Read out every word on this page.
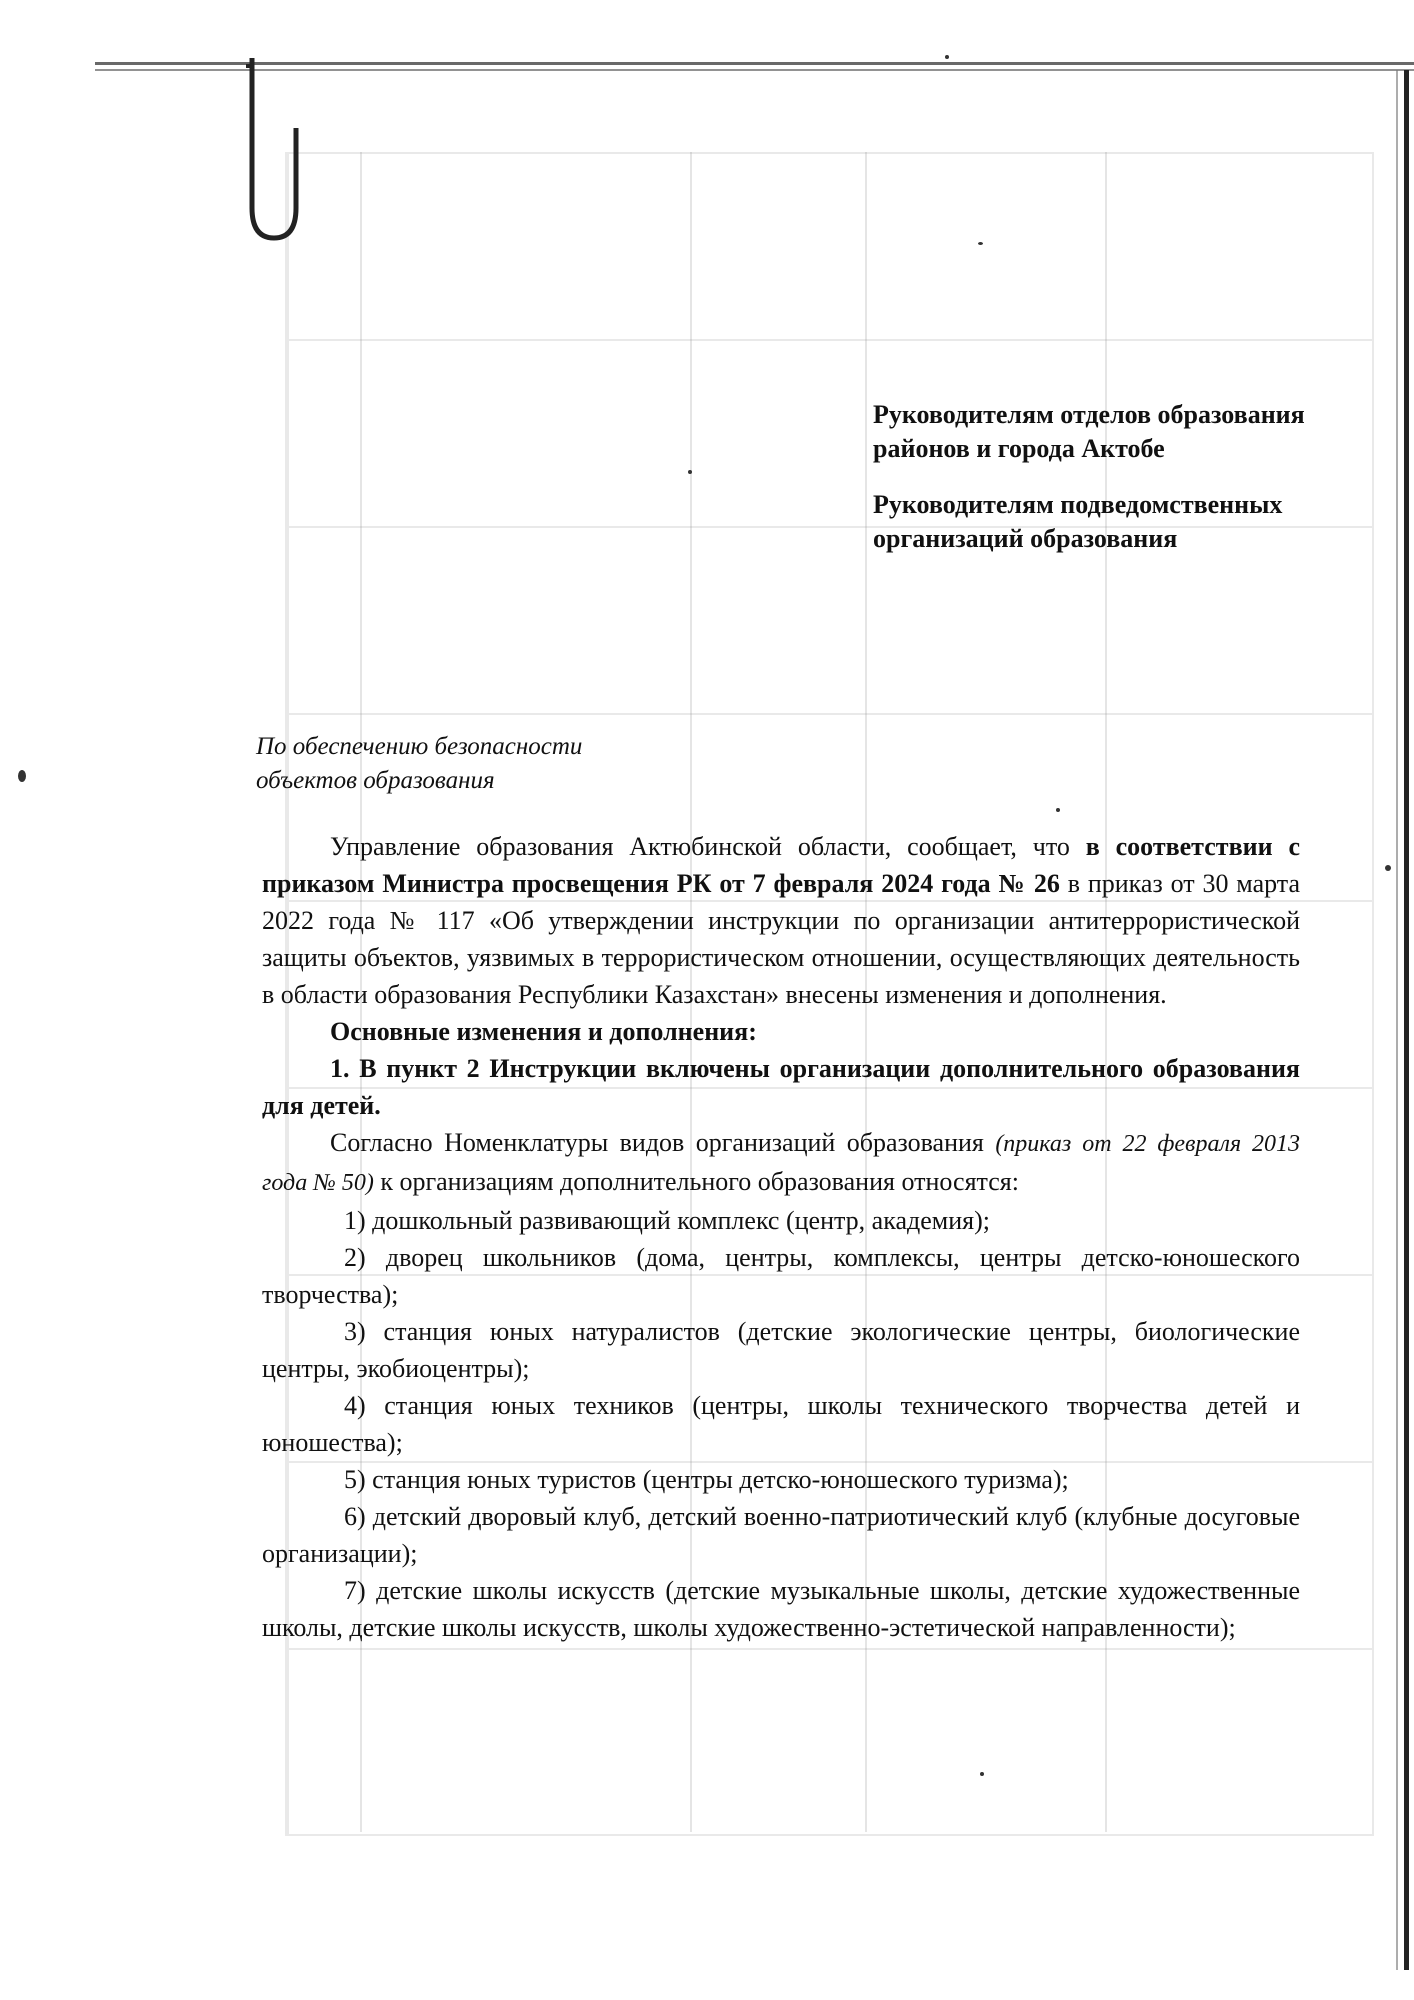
Руководителям отделов образования районов и города Актобе

Руководителям подведомственных организаций образования

По обеспечению безопасности

объектов образования

Управление образования Актюбинской области, сообщает, что в соответствии с приказом Министра просвещения РК от 7 февраля 2024 года № 26 в приказ от 30 марта 2022 года № 117 «Об утверждении инструкции по организации антитеррористической защиты объектов, уязвимых в террористическом отношении, осуществляющих деятельность в области образования Республики Казахстан» внесены изменения и дополнения.

Основные изменения и дополнения:

1. В пункт 2 Инструкции включены организации дополнительного образования для детей.

Согласно Номенклатуры видов организаций образования (приказ от 22 февраля 2013 года № 50) к организациям дополнительного образования относятся:

1) дошкольный развивающий комплекс (центр, академия);

2) дворец школьников (дома, центры, комплексы, центры детско-юношеского творчества);

3) станция юных натуралистов (детские экологические центры, биологические центры, экобиоцентры);

4) станция юных техников (центры, школы технического творчества детей и юношества);

5) станция юных туристов (центры детско-юношеского туризма);

6) детский дворовый клуб, детский военно-патриотический клуб (клубные досуговые организации);

7) детские школы искусств (детские музыкальные школы, детские художественные школы, детские школы искусств, школы художественно-эстетической направленности);
